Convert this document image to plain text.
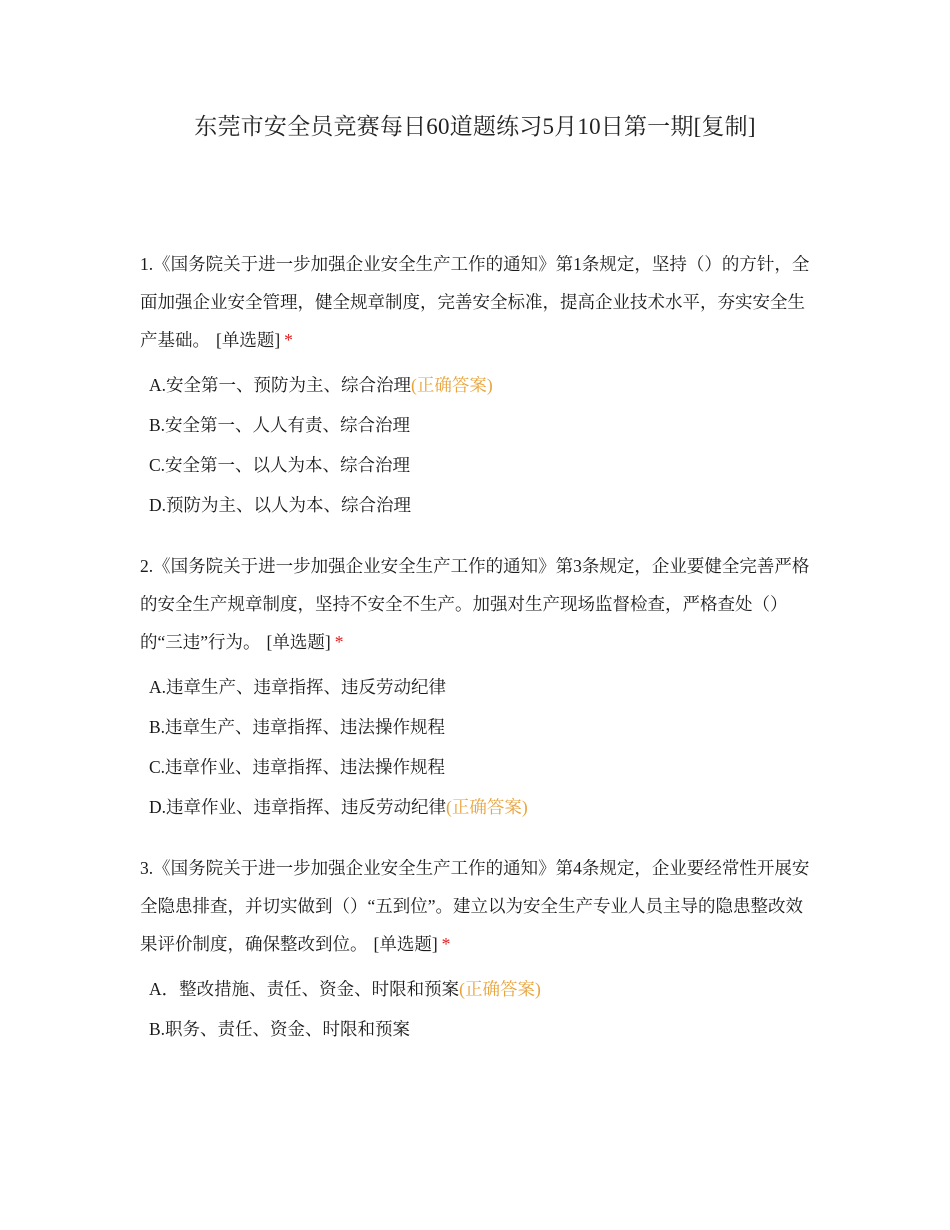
东莞市安全员竞赛每日60道题练习5月10日第一期[复制]
1.《国务院关于进一步加强企业安全生产工作的通知》第1条规定，坚持（）的方针，全面加强企业安全管理，健全规章制度，完善安全标准，提高企业技术水平，夯实安全生产基础。 [单选题] *
A.安全第一、预防为主、综合治理(正确答案)
B.安全第一、人人有责、综合治理
C.安全第一、以人为本、综合治理
D.预防为主、以人为本、综合治理
2.《国务院关于进一步加强企业安全生产工作的通知》第3条规定，企业要健全完善严格的安全生产规章制度，坚持不安全不生产。加强对生产现场监督检查，严格查处（）的“三违”行为。 [单选题] *
A.违章生产、违章指挥、违反劳动纪律
B.违章生产、违章指挥、违法操作规程
C.违章作业、违章指挥、违法操作规程
D.违章作业、违章指挥、违反劳动纪律(正确答案)
3.《国务院关于进一步加强企业安全生产工作的通知》第4条规定，企业要经常性开展安全隐患排查，并切实做到（）“五到位”。建立以为安全生产专业人员主导的隐患整改效果评价制度，确保整改到位。 [单选题] *
A．整改措施、责任、资金、时限和预案(正确答案)
B.职务、责任、资金、时限和预案
